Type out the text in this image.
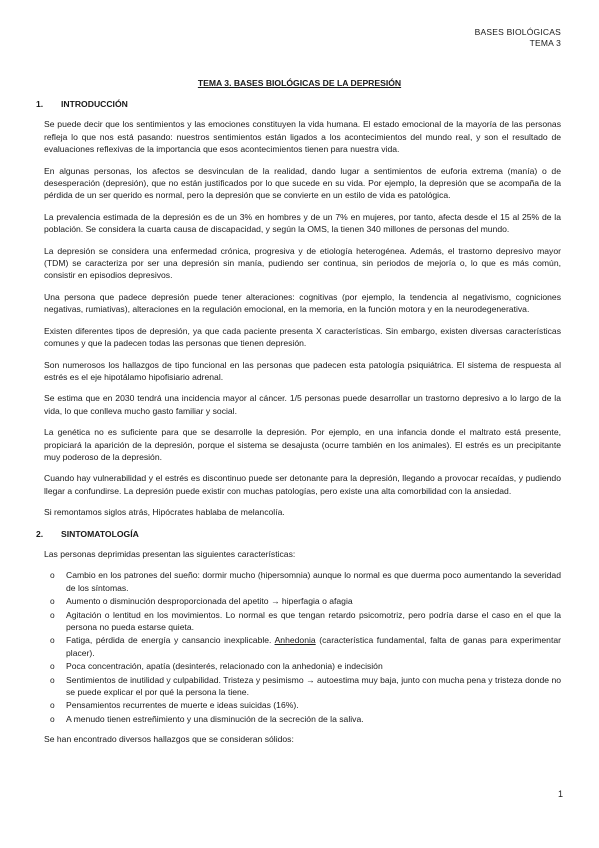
BASES BIOLÓGICAS
TEMA 3
TEMA 3. BASES BIOLÓGICAS DE LA DEPRESIÓN
1.	INTRODUCCIÓN

Se puede decir que los sentimientos y las emociones constituyen la vida humana. El estado emocional de la mayoría de las personas refleja lo que nos está pasando: nuestros sentimientos están ligados a los acontecimientos del mundo real, y son el resultado de evaluaciones reflexivas de la importancia que esos acontecimientos tienen para nuestra vida.

En algunas personas, los afectos se desvinculan de la realidad, dando lugar a sentimientos de euforia extrema (manía) o de desesperación (depresión), que no están justificados por lo que sucede en su vida. Por ejemplo, la depresión que se acompaña de la pérdida de un ser querido es normal, pero la depresión que se convierte en un estilo de vida es patológica.

La prevalencia estimada de la depresión es de un 3% en hombres y de un 7% en mujeres, por tanto, afecta desde el 15 al 25% de la población. Se considera la cuarta causa de discapacidad, y según la OMS, la tienen 340 millones de personas del mundo.

La depresión se considera una enfermedad crónica, progresiva y de etiología heterogénea. Además, el trastorno depresivo mayor (TDM) se caracteriza por ser una depresión sin manía, pudiendo ser continua, sin periodos de mejoría o, lo que es más común, consistir en episodios depresivos.

Una persona que padece depresión puede tener alteraciones: cognitivas (por ejemplo, la tendencia al negativismo, cogniciones negativas, rumiativas), alteraciones en la regulación emocional, en la memoria, en la función motora y en la neurodegenerativa.

Existen diferentes tipos de depresión, ya que cada paciente presenta X características. Sin embargo, existen diversas características comunes y que la padecen todas las personas que tienen depresión.

Son numerosos los hallazgos de tipo funcional en las personas que padecen esta patología psiquiátrica. El sistema de respuesta al estrés es el eje hipotálamo hipofisiario adrenal.

Se estima que en 2030 tendrá una incidencia mayor al cáncer. 1/5 personas puede desarrollar un trastorno depresivo a lo largo de la vida, lo que conlleva mucho gasto familiar y social.

La genética no es suficiente para que se desarrolle la depresión. Por ejemplo, en una infancia donde el maltrato está presente, propiciará la aparición de la depresión, porque el sistema se desajusta (ocurre también en los animales). El estrés es un precipitante muy poderoso de la depresión.

Cuando hay vulnerabilidad y el estrés es discontinuo puede ser detonante para la depresión, llegando a provocar recaídas, y pudiendo llegar a confundirse. La depresión puede existir con muchas patologías, pero existe una alta comorbilidad con la ansiedad.

Si remontamos siglos atrás, Hipócrates hablaba de melancolía.

2.	SINTOMATOLOGÍA

Las personas deprimidas presentan las siguientes características:

o Cambio en los patrones del sueño: dormir mucho (hipersomnia) aunque lo normal es que duerma poco aumentando la severidad de los síntomas.
o Aumento o disminución desproporcionada del apetito → hiperfagia o afagia
o Agitación o lentitud en los movimientos. Lo normal es que tengan retardo psicomotriz, pero podría darse el caso en el que la persona no pueda estarse quieta.
o Fatiga, pérdida de energía y cansancio inexplicable. Anhedonia (característica fundamental, falta de ganas para experimentar placer).
o Poca concentración, apatía (desinterés, relacionado con la anhedonia) e indecisión
o Sentimientos de inutilidad y culpabilidad. Tristeza y pesimismo → autoestima muy baja, junto con mucha pena y tristeza donde no se puede explicar el por qué la persona la tiene.
o Pensamientos recurrentes de muerte e ideas suicidas (16%).
o A menudo tienen estreñimiento y una disminución de la secreción de la saliva.

Se han encontrado diversos hallazgos que se consideran sólidos:

1
